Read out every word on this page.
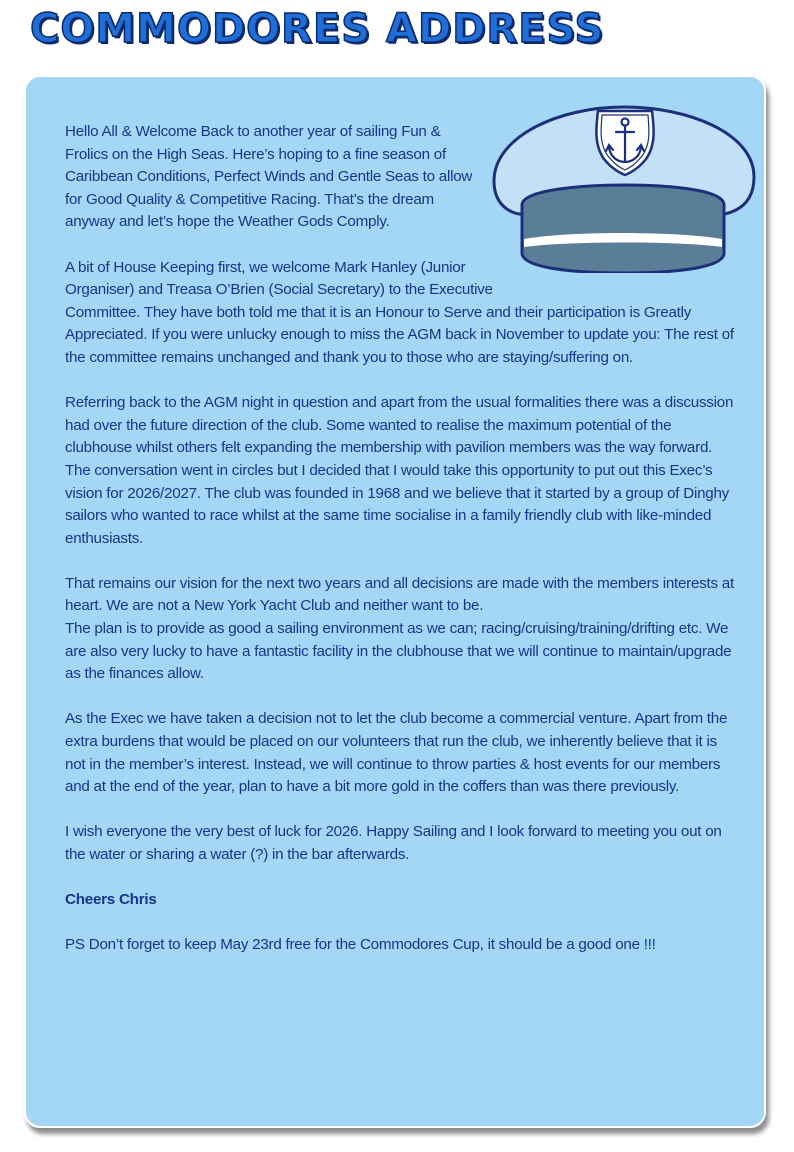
COMMODORES ADDRESS

Hello All & Welcome Back to another year of sailing Fun & Frolics on the High Seas. Here’s hoping to a fine season of Caribbean Conditions, Perfect Winds and Gentle Seas to allow for Good Quality & Competitive Racing. That’s the dream anyway and let’s hope the Weather Gods Comply.

A bit of House Keeping first, we welcome Mark Hanley (Junior
Organiser) and Treasa O’Brien (Social Secretary) to the Executive
Committee. They have both told me that it is an Honour to Serve and their participation is Greatly Appreciated. If you were unlucky enough to miss the AGM back in November to update you: The rest of the committee remains unchanged and thank you to those who are staying/suffering on.

Referring back to the AGM night in question and apart from the usual formalities there was a discussion had over the future direction of the club. Some wanted to realise the maximum potential of the clubhouse whilst others felt expanding the membership with pavilion members was the way forward. The conversation went in circles but I decided that I would take this opportunity to put out this Exec’s vision for 2026/2027. The club was founded in 1968 and we believe that it started by a group of Dinghy sailors who wanted to race whilst at the same time socialise in a family friendly club with like-minded enthusiasts.

That remains our vision for the next two years and all decisions are made with the members interests at heart. We are not a New York Yacht Club and neither want to be.
The plan is to provide as good a sailing environment as we can; racing/cruising/training/drifting etc. We are also very lucky to have a fantastic facility in the clubhouse that we will continue to maintain/upgrade as the finances allow.

As the Exec we have taken a decision not to let the club become a commercial venture. Apart from the extra burdens that would be placed on our volunteers that run the club, we inherently believe that it is not in the member’s interest. Instead, we will continue to throw parties & host events for our members and at the end of the year, plan to have a bit more gold in the coffers than was there previously.

I wish everyone the very best of luck for 2026. Happy Sailing and I look forward to meeting you out on the water or sharing a water (?) in the bar afterwards.

Cheers Chris

PS Don’t forget to keep May 23rd free for the Commodores Cup, it should be a good one !!!
